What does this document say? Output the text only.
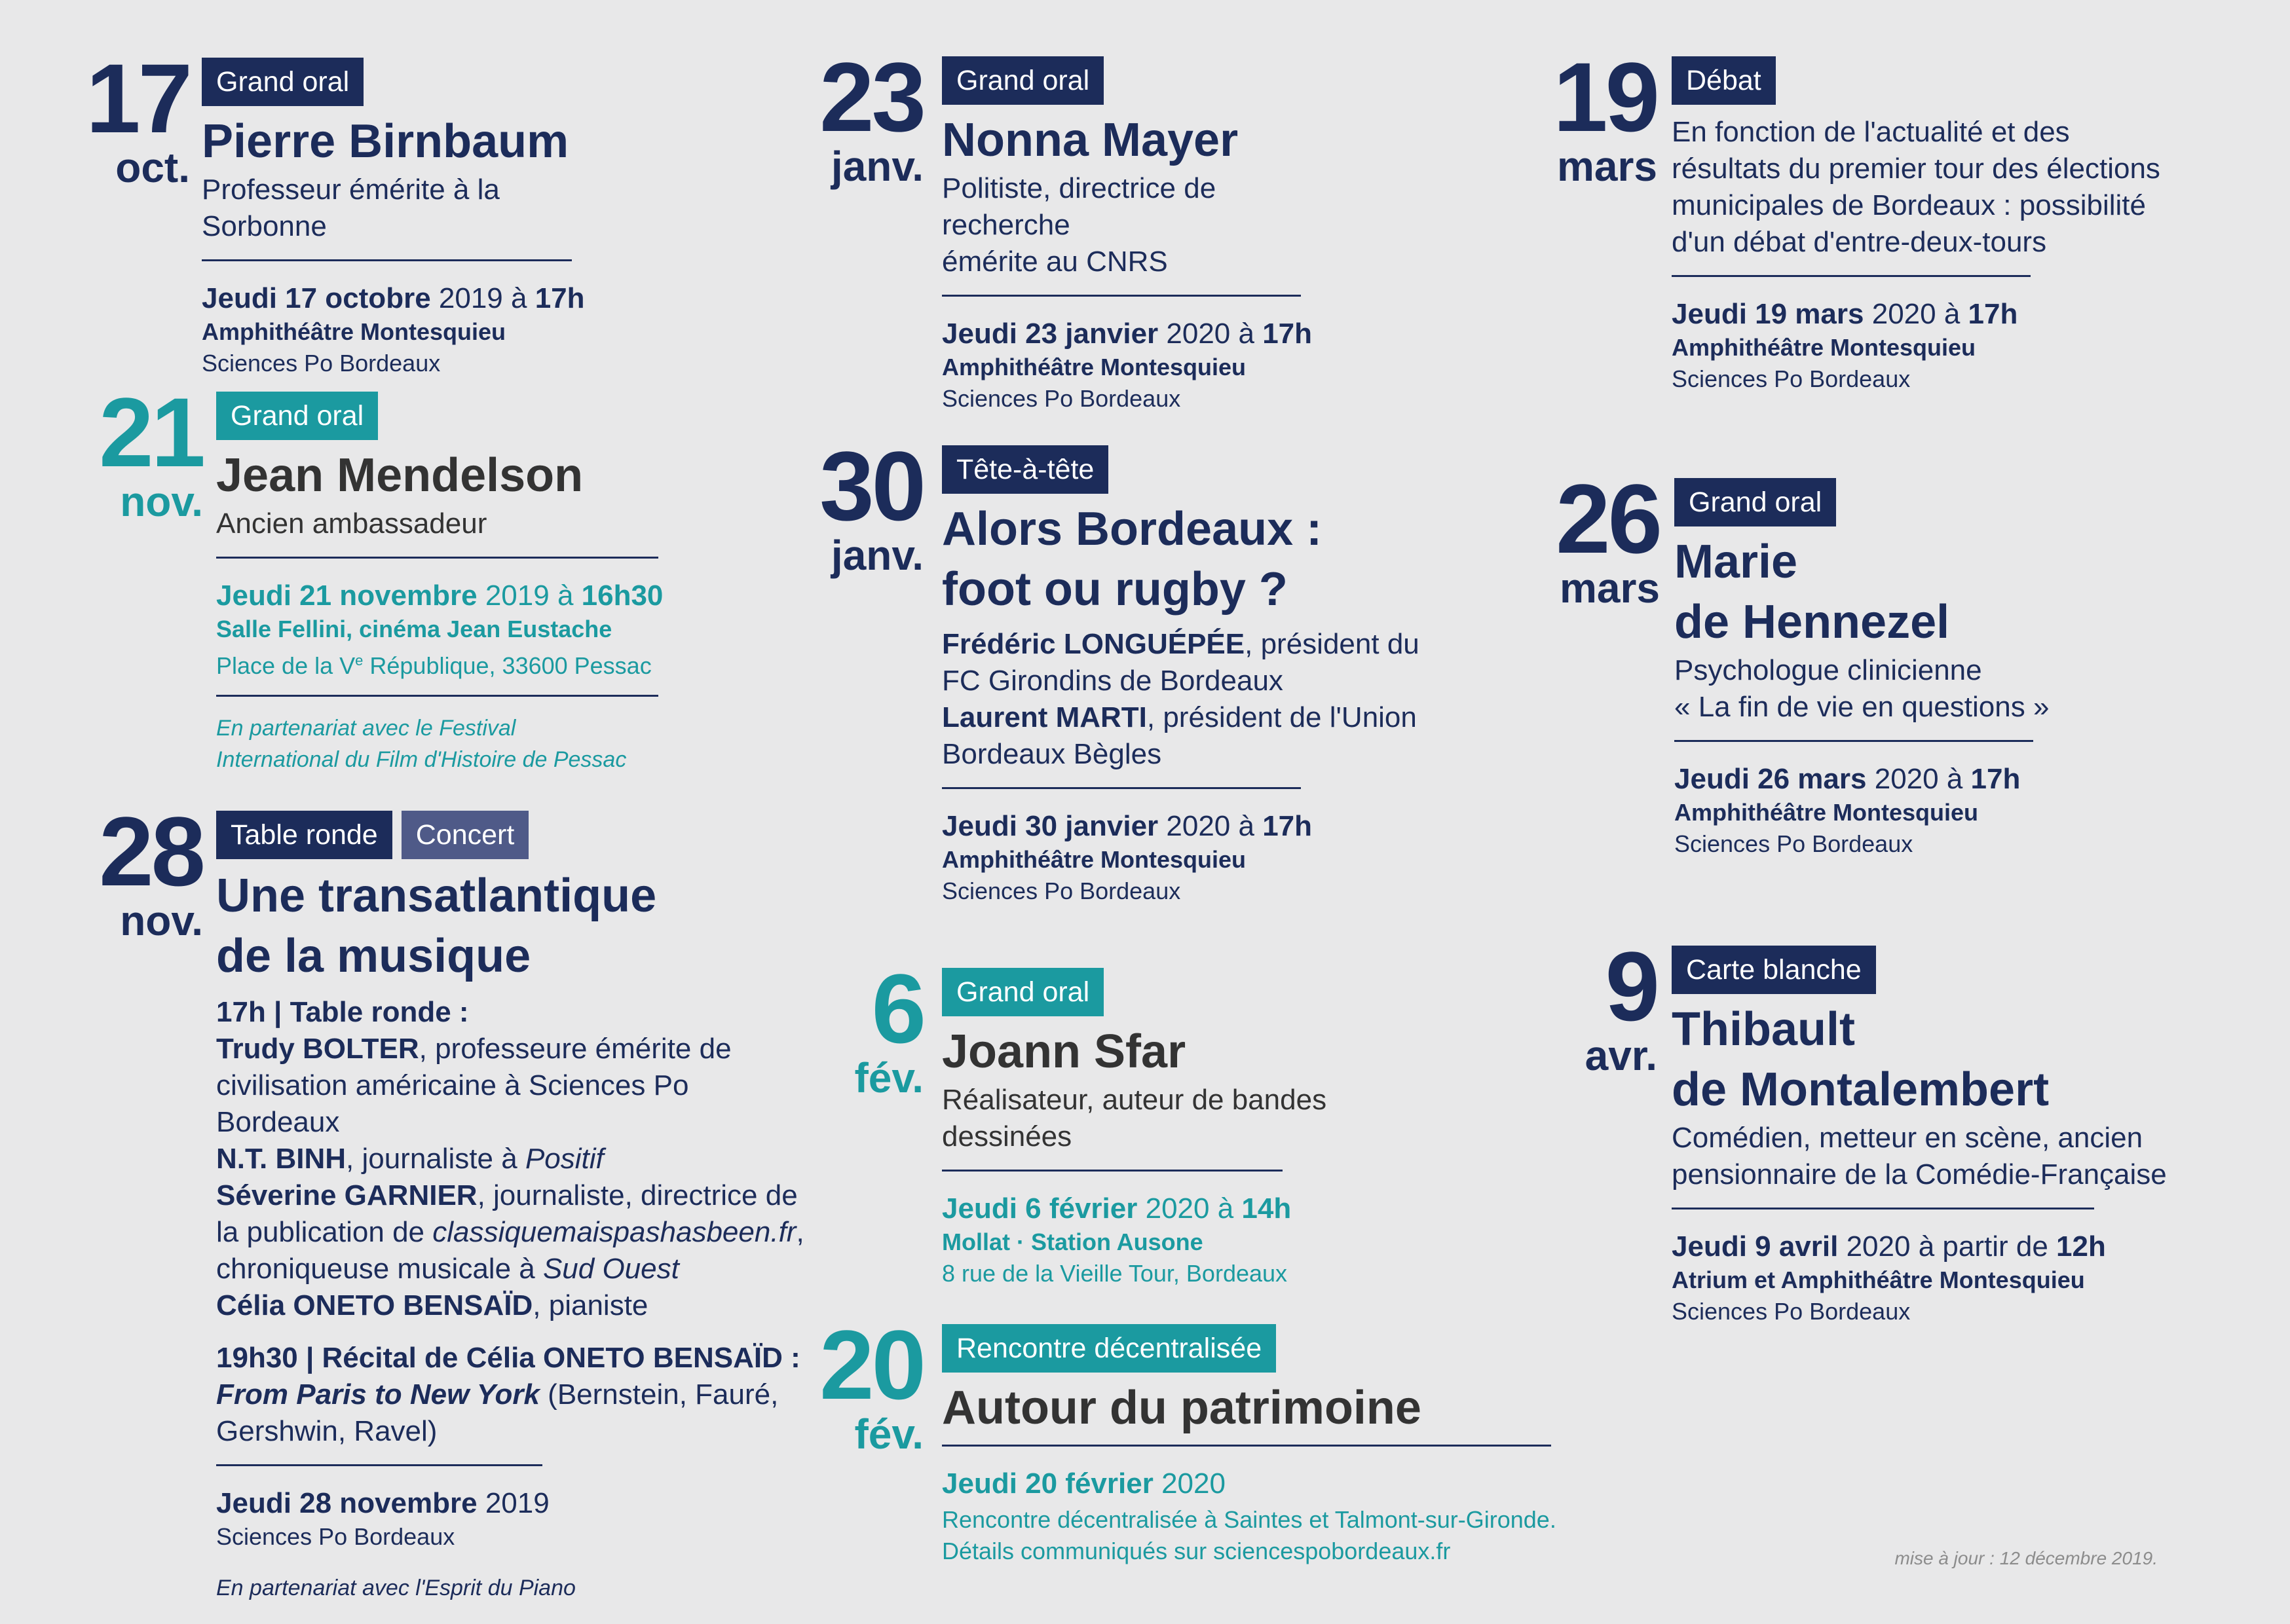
17
oct.
Grand oral
Pierre Birnbaum
Professeur émérite à la Sorbonne
Jeudi 17 octobre 2019 à 17h
Amphithéâtre Montesquieu
Sciences Po Bordeaux
21
nov.
Grand oral
Jean Mendelson
Ancien ambassadeur
Jeudi 21 novembre 2019 à 16h30
Salle Fellini, cinéma Jean Eustache
Place de la Ve République, 33600 Pessac
En partenariat avec le Festival
International du Film d'Histoire de Pessac
28
nov.
Table ronde Concert
Une transatlantique
de la musique
17h | Table ronde :
Trudy BOLTER, professeure émérite de
civilisation américaine à Sciences Po Bordeaux
N.T. BINH, journaliste à Positif
Séverine GARNIER, journaliste, directrice de
la publication de classiquemaispashasbeen.fr,
chroniqueuse musicale à Sud Ouest
Célia ONETO BENSAÏD, pianiste
19h30 | Récital de Célia ONETO BENSAÏD :
From Paris to New York (Bernstein, Fauré,
Gershwin, Ravel)
Jeudi 28 novembre 2019
Sciences Po Bordeaux
En partenariat avec l'Esprit du Piano
23
janv.
Grand oral
Nonna Mayer
Politiste, directrice de recherche
émérite au CNRS
Jeudi 23 janvier 2020 à 17h
Amphithéâtre Montesquieu
Sciences Po Bordeaux
30
janv.
Tête-à-tête
Alors Bordeaux :
foot ou rugby ?
Frédéric LONGUÉPÉE, président du
FC Girondins de Bordeaux
Laurent MARTI, président de l'Union
Bordeaux Bègles
Jeudi 30 janvier 2020 à 17h
Amphithéâtre Montesquieu
Sciences Po Bordeaux
6
fév.
Grand oral
Joann Sfar
Réalisateur, auteur de bandes dessinées
Jeudi 6 février 2020 à 14h
Mollat · Station Ausone
8 rue de la Vieille Tour, Bordeaux
20
fév.
Rencontre décentralisée
Autour du patrimoine
Jeudi 20 février 2020
Rencontre décentralisée à Saintes et Talmont-sur-Gironde.
Détails communiqués sur sciencespobordeaux.fr
19
mars
Débat
En fonction de l'actualité et des
résultats du premier tour des élections
municipales de Bordeaux : possibilité
d'un débat d'entre-deux-tours
Jeudi 19 mars 2020 à 17h
Amphithéâtre Montesquieu
Sciences Po Bordeaux
26
mars
Grand oral
Marie
de Hennezel
Psychologue clinicienne
« La fin de vie en questions »
Jeudi 26 mars 2020 à 17h
Amphithéâtre Montesquieu
Sciences Po Bordeaux
9
avr.
Carte blanche
Thibault
de Montalembert
Comédien, metteur en scène, ancien
pensionnaire de la Comédie-Française
Jeudi 9 avril 2020 à partir de 12h
Atrium et Amphithéâtre Montesquieu
Sciences Po Bordeaux
mise à jour : 12 décembre 2019.
